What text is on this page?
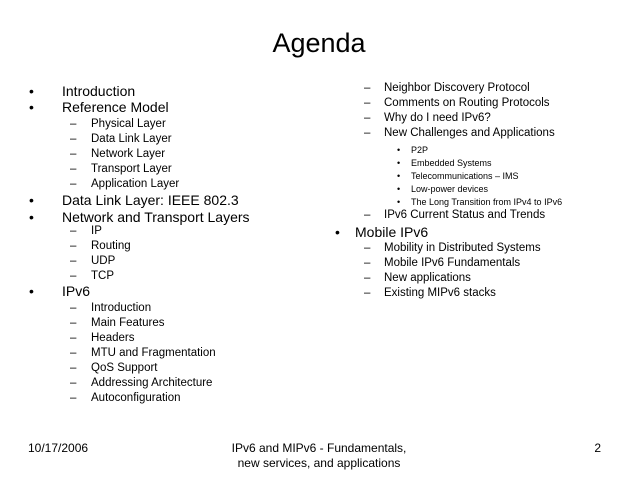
Agenda
• Introduction
• Reference Model
– Physical Layer
– Data Link Layer
– Network Layer
– Transport Layer
– Application Layer
• Data Link Layer: IEEE 802.3
• Network and Transport Layers
– IP
– Routing
– UDP
– TCP
• IPv6
– Introduction
– Main Features
– Headers
– MTU and Fragmentation
– QoS Support
– Addressing Architecture
– Autoconfiguration
– Neighbor Discovery Protocol
– Comments on Routing Protocols
– Why do I need IPv6?
– New Challenges and Applications
• P2P
• Embedded Systems
• Telecommunications – IMS
• Low-power devices
• The Long Transition from IPv4 to IPv6
– IPv6 Current Status and Trends
• Mobile IPv6
– Mobility in Distributed Systems
– Mobile IPv6 Fundamentals
– New applications
– Existing MIPv6 stacks
10/17/2006	IPv6 and MIPv6 - Fundamentals,
new services, and applications
2
